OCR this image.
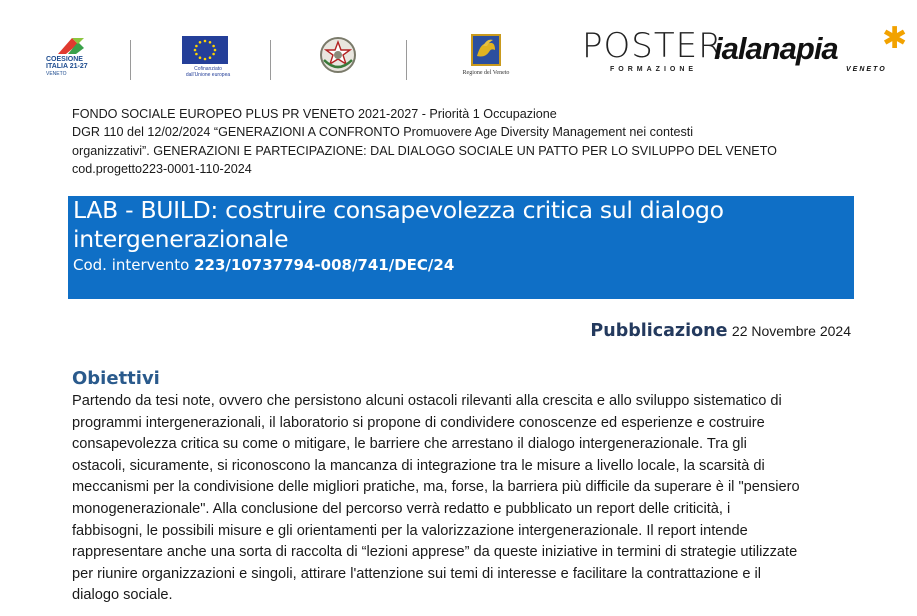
COESIONE
ITALIA 21-27
VENETO
Cofinanziato
dall'Unione europea	Regione del Veneto
POSTER
FORMAZIONE
ialanapia
VENETO
✱
FONDO SOCIALE EUROPEO PLUS PR VENETO 2021-2027 - Priorità 1 Occupazione
DGR 110 del 12/02/2024 “GENERAZIONI A CONFRONTO Promuovere Age Diversity Management nei contesti
organizzativi”. GENERAZIONI E PARTECIPAZIONE: DAL DIALOGO SOCIALE UN PATTO PER LO SVILUPPO DEL VENETO
cod.progetto223-0001-110-2024
LAB - BUILD: costruire consapevolezza critica sul dialogo intergenerazionale
Cod. intervento 223/10737794-008/741/DEC/24
Pubblicazione 22 Novembre 2024
Obiettivi
Partendo da tesi note, ovvero che persistono alcuni ostacoli rilevanti alla crescita e allo sviluppo sistematico di
programmi intergenerazionali, il laboratorio si propone di condividere conoscenze ed esperienze e costruire
consapevolezza critica su come o mitigare, le barriere che arrestano il dialogo intergenerazionale. Tra gli
ostacoli, sicuramente, si riconoscono la mancanza di integrazione tra le misure a livello locale, la scarsità di
meccanismi per la condivisione delle migliori pratiche, ma, forse, la barriera più difficile da superare è il "pensiero
monogenerazionale". Alla conclusione del percorso verrà redatto e pubblicato un report delle criticità, i
fabbisogni, le possibili misure e gli orientamenti per la valorizzazione intergenerazionale. Il report intende
rappresentare anche una sorta di raccolta di “lezioni apprese” da queste iniziative in termini di strategie utilizzate
per riunire organizzazioni e singoli, attirare l'attenzione sui temi di interesse e facilitare la contrattazione e il
dialogo sociale.
